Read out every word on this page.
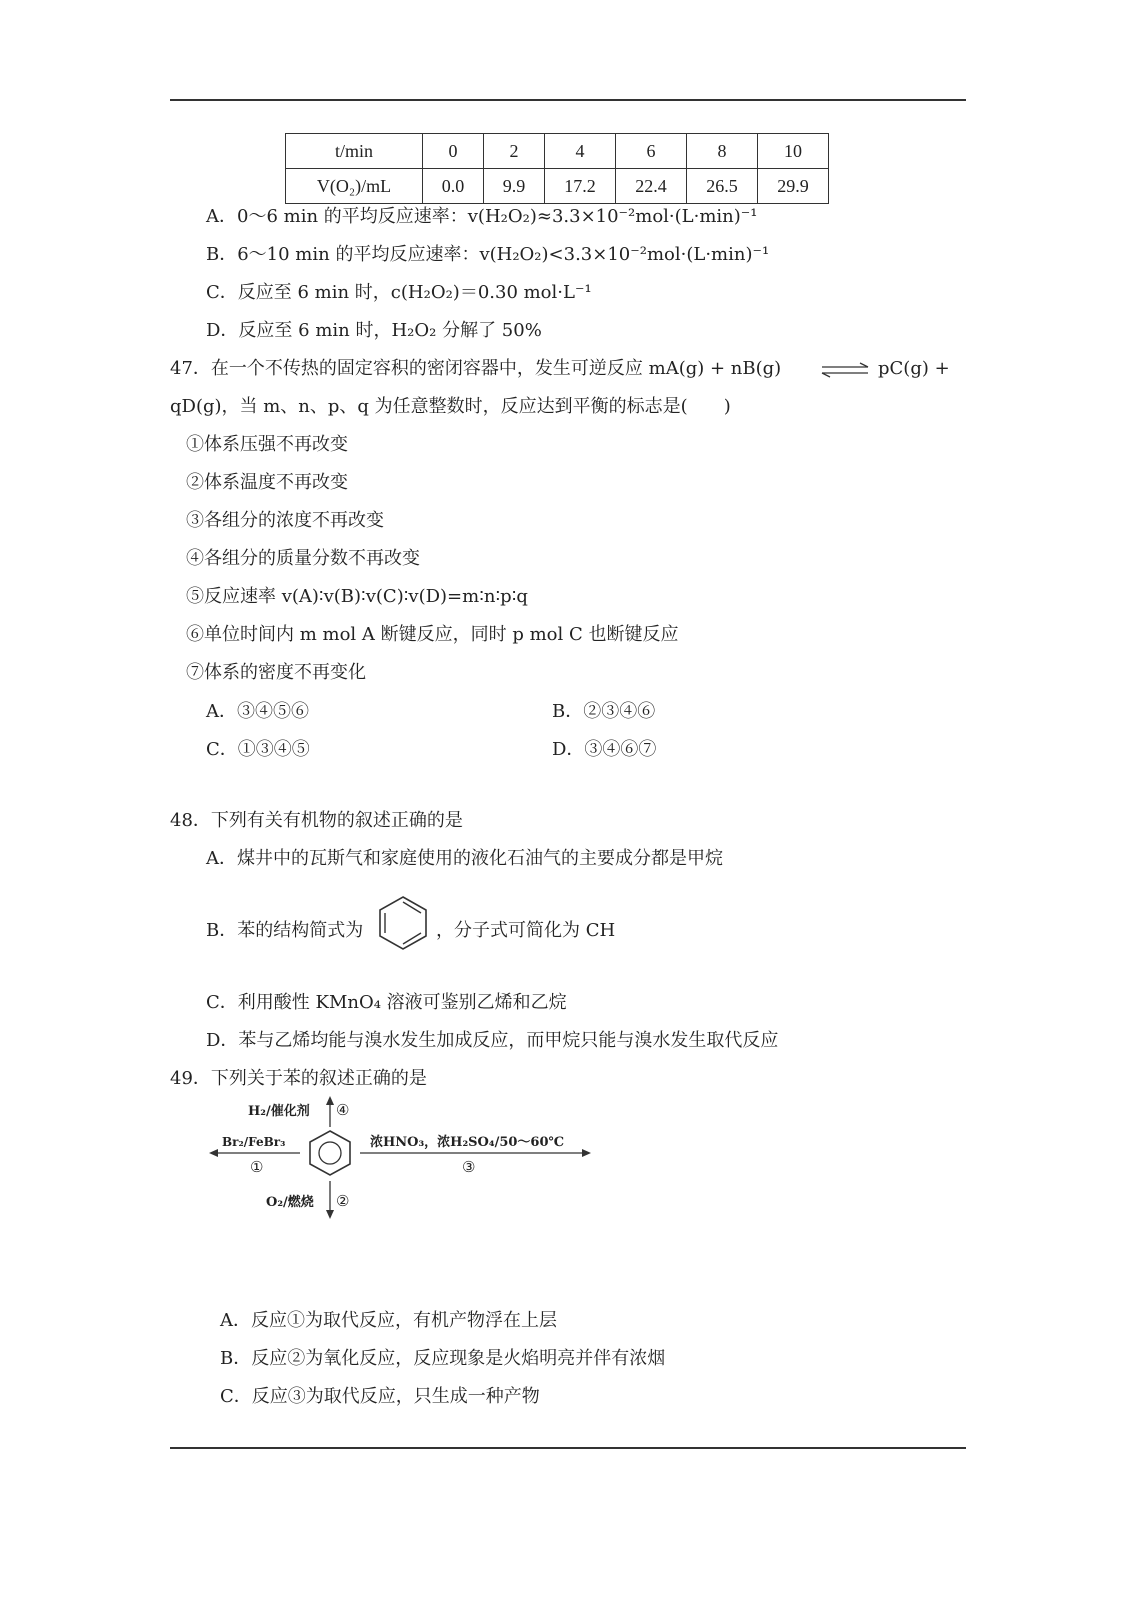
t/min	0	2	4	6	8	10
V(O₂)/mL	0.0	9.9	17.2	22.4	26.5	29.9
A．0～6 min 的平均反应速率：v(H₂O₂)≈3.3×10⁻²mol·(L·min)⁻¹
B．6～10 min 的平均反应速率：v(H₂O₂)<3.3×10⁻²mol·(L·min)⁻¹
C．反应至 6 min 时，c(H₂O₂)＝0.30 mol·L⁻¹
D．反应至 6 min 时，H₂O₂ 分解了 50%
47．在一个不传热的固定容积的密闭容器中，发生可逆反应 mA(g) + nB(g) ⇌ pC(g) +
qD(g)，当 m、n、p、q 为任意整数时，反应达到平衡的标志是(　　)
①体系压强不再改变
②体系温度不再改变
③各组分的浓度不再改变
④各组分的质量分数不再改变
⑤反应速率 v(A)∶v(B)∶v(C)∶v(D)=m∶n∶p∶q
⑥单位时间内 m mol A 断键反应，同时 p mol C 也断键反应
⑦体系的密度不再变化
A．③④⑤⑥	B．②③④⑥
C．①③④⑤	D．③④⑥⑦
48．下列有关有机物的叙述正确的是
A．煤井中的瓦斯气和家庭使用的液化石油气的主要成分都是甲烷
B．苯的结构简式为	，分子式可简化为 CH
C．利用酸性 KMnO₄ 溶液可鉴别乙烯和乙烷
D．苯与乙烯均能与溴水发生加成反应，而甲烷只能与溴水发生取代反应
49．下列关于苯的叙述正确的是
H₂/催化剂 ④
Br₂/FeBr₃
①
浓HNO₃，浓H₂SO₄/50～60℃
③
O₂/燃烧 ②
A．反应①为取代反应，有机产物浮在上层
B．反应②为氧化反应，反应现象是火焰明亮并伴有浓烟
C．反应③为取代反应，只生成一种产物
